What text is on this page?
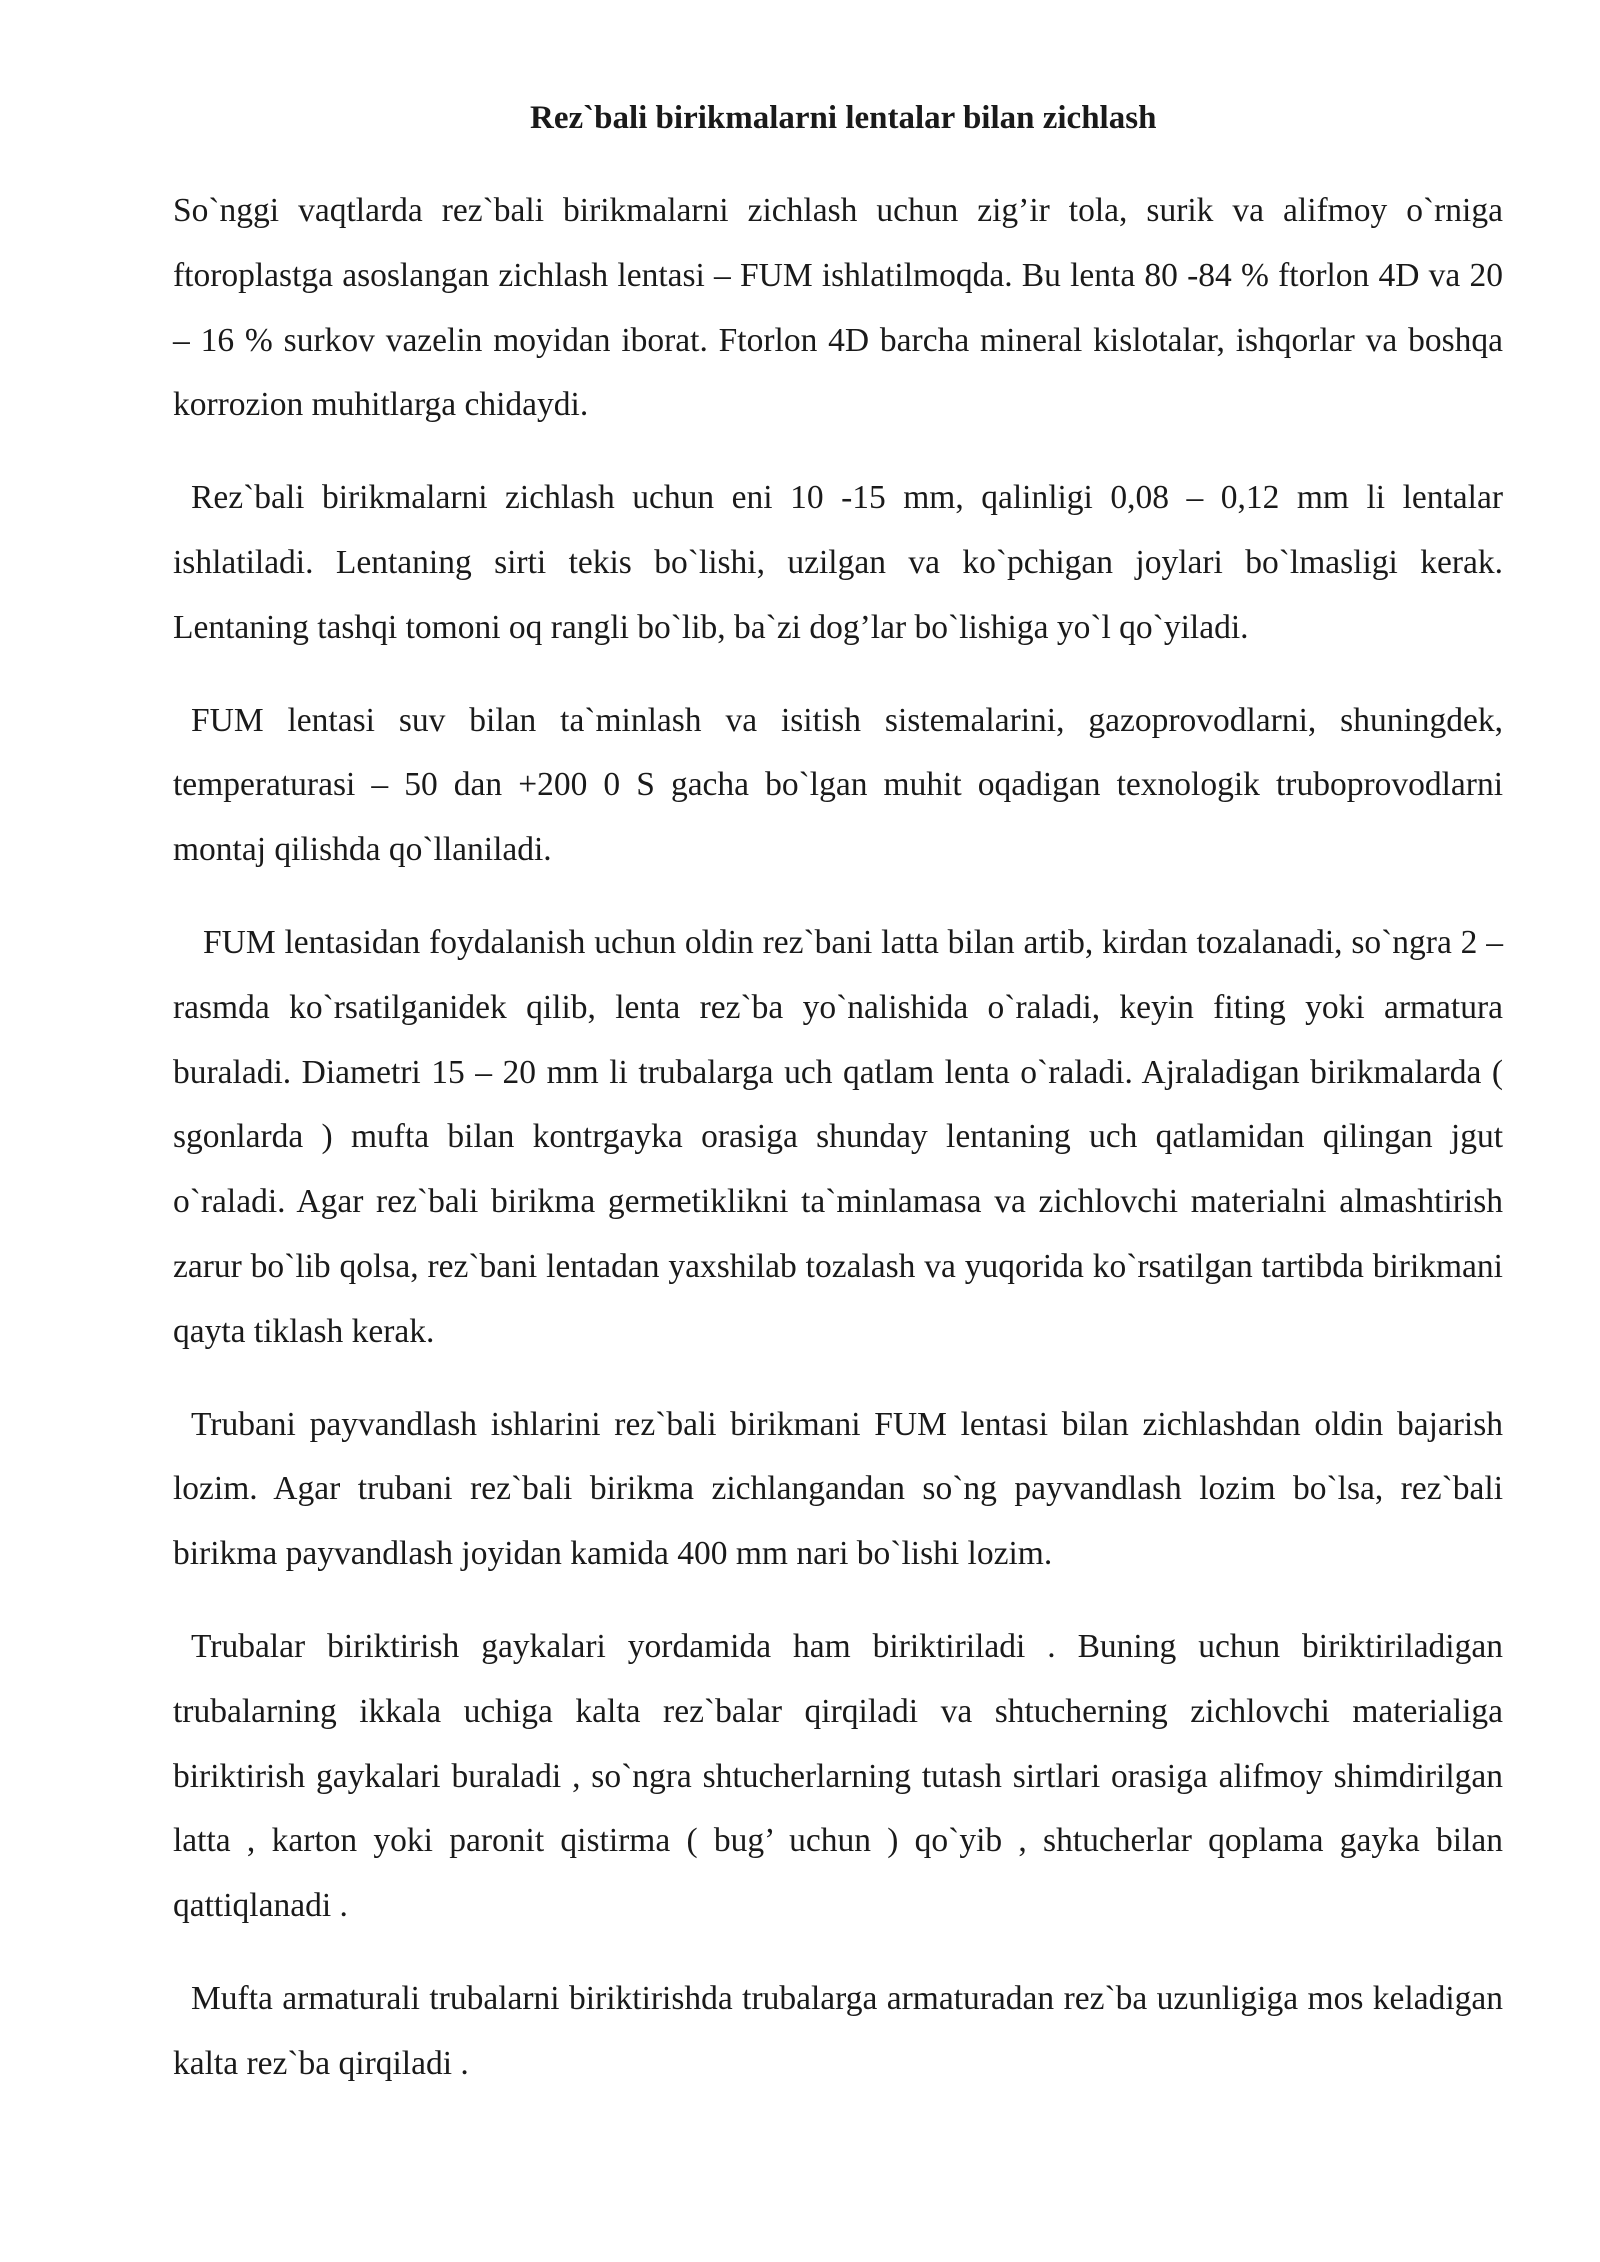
Rez`bali birikmalarni lentalar bilan zichlash

So`nggi vaqtlarda rez`bali birikmalarni zichlash uchun zig’ir tola, surik va alifmoy o`rniga ftoroplastga asoslangan zichlash lentasi – FUM ishlatilmoqda. Bu lenta 80 -84 % ftorlon 4D va 20 – 16 % surkov vazelin moyidan iborat. Ftorlon 4D barcha mineral kislotalar, ishqorlar va boshqa korrozion muhitlarga chidaydi.

Rez`bali birikmalarni zichlash uchun eni 10 -15 mm, qalinligi 0,08 – 0,12 mm li lentalar ishlatiladi. Lentaning sirti tekis bo`lishi, uzilgan va ko`pchigan joylari bo`lmasligi kerak. Lentaning tashqi tomoni oq rangli bo`lib, ba`zi dog’lar bo`lishiga yo`l qo`yiladi.

FUM lentasi suv bilan ta`minlash va isitish sistemalarini, gazoprovodlarni, shuningdek, temperaturasi – 50 dan +200 0 S gacha bo`lgan muhit oqadigan texnologik truboprovodlarni montaj qilishda qo`llaniladi.

FUM lentasidan foydalanish uchun oldin rez`bani latta bilan artib, kirdan tozalanadi, so`ngra 2 – rasmda ko`rsatilganidek qilib, lenta rez`ba yo`nalishida o`raladi, keyin fiting yoki armatura buraladi. Diametri 15 – 20 mm li trubalarga uch qatlam lenta o`raladi. Ajraladigan birikmalarda ( sgonlarda ) mufta bilan kontrgayka orasiga shunday lentaning uch qatlamidan qilingan jgut o`raladi. Agar rez`bali birikma germetiklikni ta`minlamasa va zichlovchi materialni almashtirish zarur bo`lib qolsa, rez`bani lentadan yaxshilab tozalash va yuqorida ko`rsatilgan tartibda birikmani qayta tiklash kerak.

Trubani payvandlash ishlarini rez`bali birikmani FUM lentasi bilan zichlashdan oldin bajarish lozim. Agar trubani rez`bali birikma zichlangandan so`ng payvandlash lozim bo`lsa, rez`bali birikma payvandlash joyidan kamida 400 mm nari bo`lishi lozim.

Trubalar biriktirish gaykalari yordamida ham biriktiriladi . Buning uchun biriktiriladigan trubalarning ikkala uchiga kalta rez`balar qirqiladi va shtucherning zichlovchi materialiga biriktirish gaykalari buraladi , so`ngra shtucherlarning tutash sirtlari orasiga alifmoy shimdirilgan latta , karton yoki paronit qistirma ( bug’ uchun ) qo`yib , shtucherlar qoplama gayka bilan qattiqlanadi .

Mufta armaturali trubalarni biriktirishda trubalarga armaturadan rez`ba uzunligiga mos keladigan kalta rez`ba qirqiladi .
